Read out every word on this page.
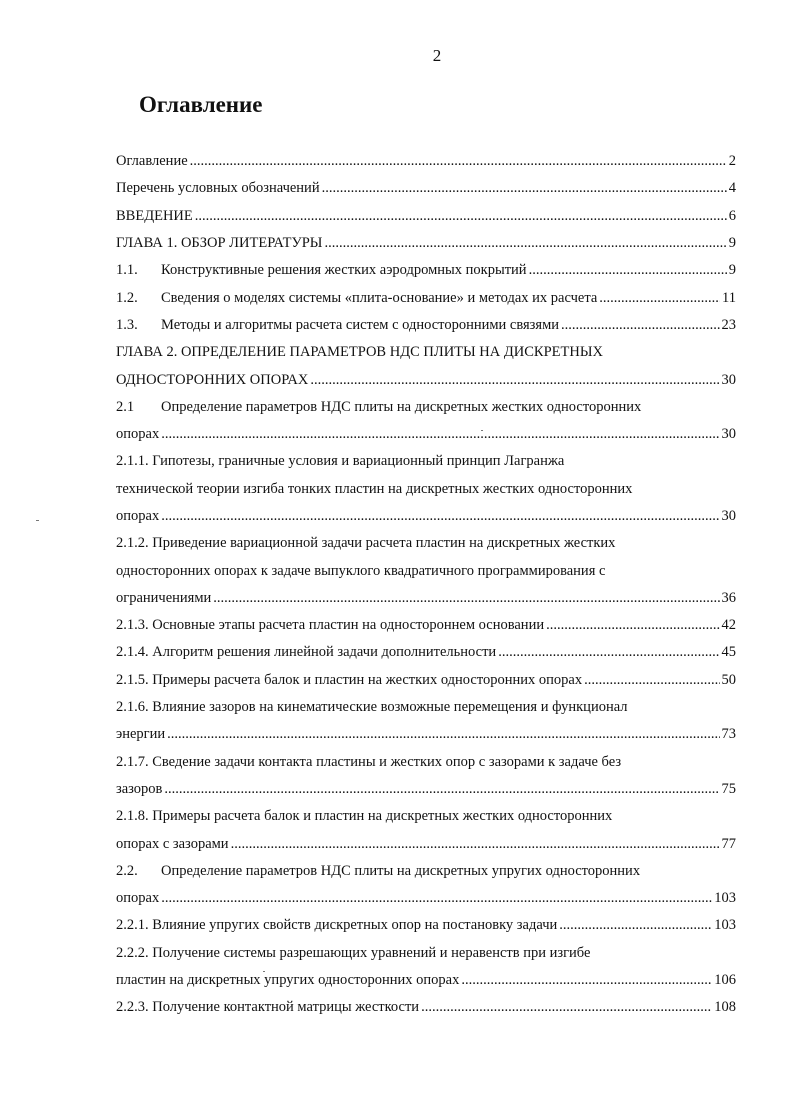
2
Оглавление
Оглавление .....	2
Перечень условных обозначений .....	4
ВВЕДЕНИЕ .....	6
ГЛАВА 1. ОБЗОР ЛИТЕРАТУРЫ .....	9
1.1.	Конструктивные решения жестких аэродромных покрытий .....	9
1.2.	Сведения о моделях системы «плита-основание» и методах их расчета .....	11
1.3.	Методы и алгоритмы расчета систем с односторонними связями .....	23
ГЛАВА 2. ОПРЕДЕЛЕНИЕ ПАРАМЕТРОВ НДС ПЛИТЫ НА ДИСКРЕТНЫХ
ОДНОСТОРОННИХ ОПОРАХ .....	30
2.1	Определение параметров НДС плиты на дискретных жестких односторонних
опорах .....	30
2.1.1. Гипотезы, граничные условия и вариационный принцип Лагранжа
технической теории изгиба тонких пластин на дискретных жестких односторонних
опорах .....	30
2.1.2. Приведение вариационной задачи расчета пластин на дискретных жестких
односторонних опорах к задаче выпуклого квадратичного программирования с
ограничениями .....	36
2.1.3. Основные этапы расчета пластин на одностороннем основании .....	42
2.1.4. Алгоритм решения линейной задачи дополнительности .....	45
2.1.5. Примеры расчета балок и пластин на жестких односторонних опорах .....	50
2.1.6. Влияние зазоров на кинематические возможные перемещения и функционал
энергии .....	73
2.1.7. Сведение задачи контакта пластины и жестких опор с зазорами к задаче без
зазоров .....	75
2.1.8. Примеры расчета балок и пластин на дискретных жестких односторонних
опорах с зазорами .....	77
2.2.	Определение параметров НДС плиты на дискретных упругих односторонних
опорах .....	103
2.2.1. Влияние упругих свойств дискретных опор на постановку задачи .....	103
2.2.2. Получение системы разрешающих уравнений и неравенств при изгибе
пластин на дискретных упругих односторонних опорах .....	106
2.2.3. Получение контактной матрицы жесткости .....	108
